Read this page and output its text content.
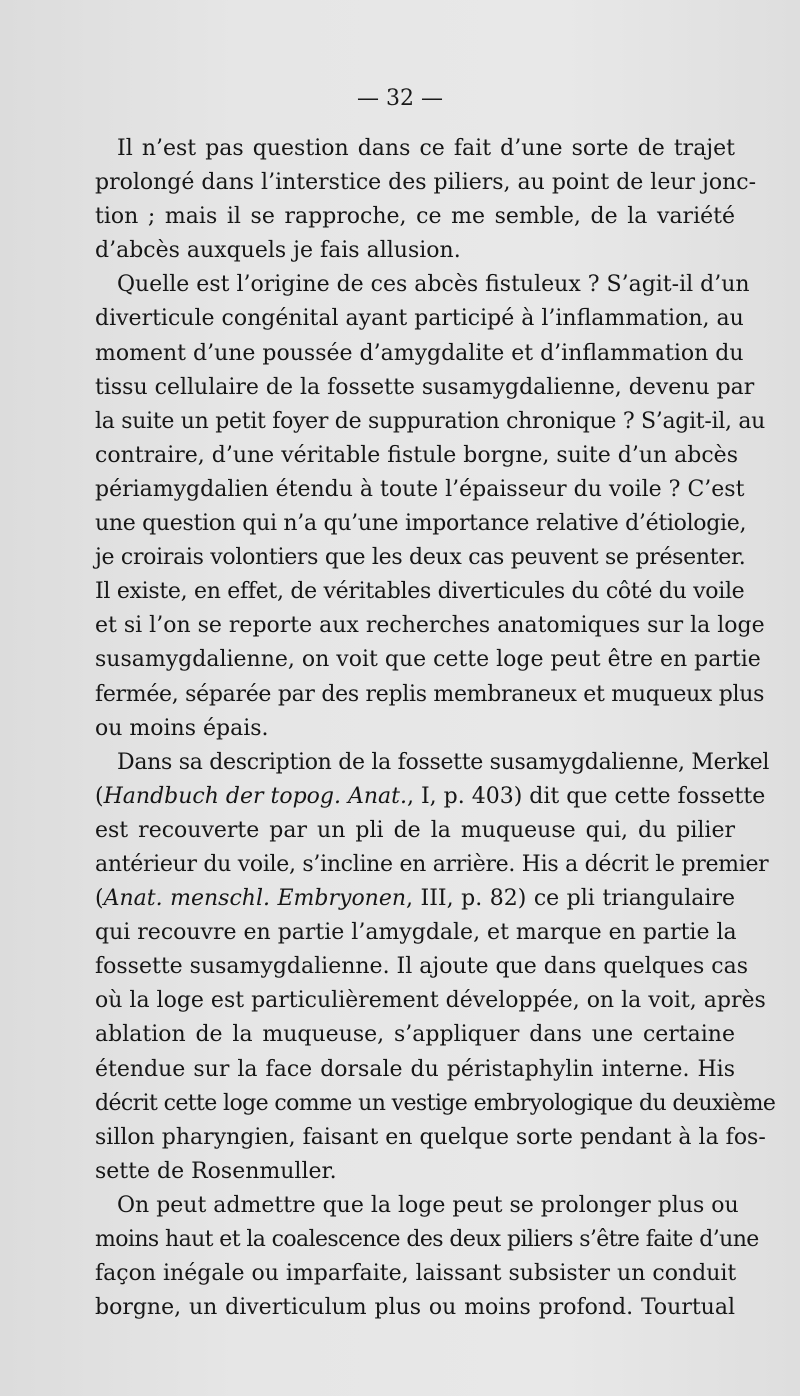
— 32 —
Il n’est pas question dans ce fait d’une sorte de trajet
prolongé dans l’interstice des piliers, au point de leur jonc-
tion ; mais il se rapproche, ce me semble, de la variété
d’abcès auxquels je fais allusion.
Quelle est l’origine de ces abcès fistuleux ? S’agit-il d’un
diverticule congénital ayant participé à l’inflammation, au
moment d’une poussée d’amygdalite et d’inflammation du
tissu cellulaire de la fossette susamygdalienne, devenu par
la suite un petit foyer de suppuration chronique ? S’agit-il, au
contraire, d’une véritable fistule borgne, suite d’un abcès
périamygdalien étendu à toute l’épaisseur du voile ? C’est
une question qui n’a qu’une importance relative d’étiologie,
je croirais volontiers que les deux cas peuvent se présenter.
Il existe, en effet, de véritables diverticules du côté du voile
et si l’on se reporte aux recherches anatomiques sur la loge
susamygdalienne, on voit que cette loge peut être en partie
fermée, séparée par des replis membraneux et muqueux plus
ou moins épais.
Dans sa description de la fossette susamygdalienne, Merkel
(Handbuch der topog. Anat., I, p. 403) dit que cette fossette
est recouverte par un pli de la muqueuse qui, du pilier
antérieur du voile, s’incline en arrière. His a décrit le premier
(Anat. menschl. Embryonen, III, p. 82) ce pli triangulaire
qui recouvre en partie l’amygdale, et marque en partie la
fossette susamygdalienne. Il ajoute que dans quelques cas
où la loge est particulièrement développée, on la voit, après
ablation de la muqueuse, s’appliquer dans une certaine
étendue sur la face dorsale du péristaphylin interne. His
décrit cette loge comme un vestige embryologique du deuxième
sillon pharyngien, faisant en quelque sorte pendant à la fos-
sette de Rosenmuller.
On peut admettre que la loge peut se prolonger plus ou
moins haut et la coalescence des deux piliers s’être faite d’une
façon inégale ou imparfaite, laissant subsister un conduit
borgne, un diverticulum plus ou moins profond. Tourtual
